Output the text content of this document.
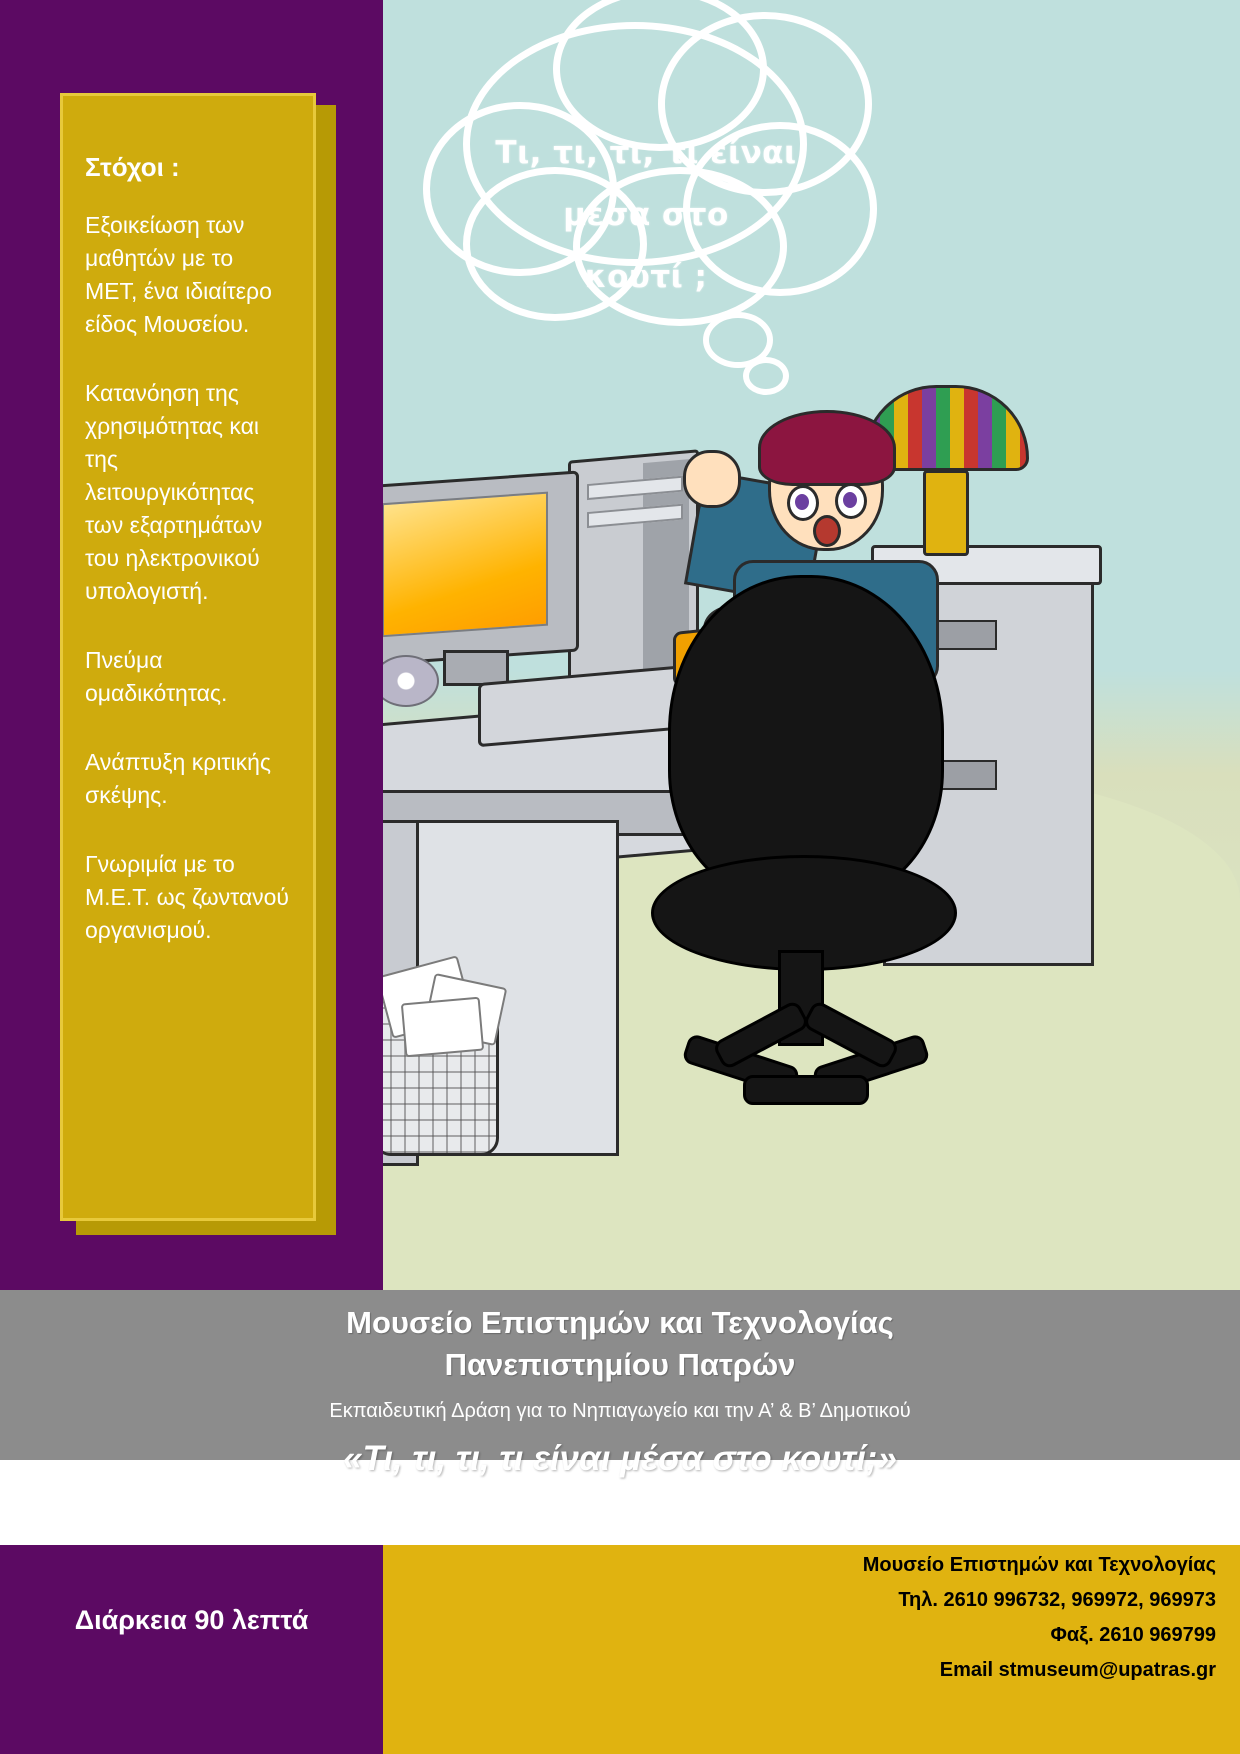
Τι, τι, τι, τι είναι
μέσα στο
κουτί ;

Στόχοι :

Εξοικείωση των μαθητών με το ΜΕΤ, ένα ιδιαίτερο είδος Μουσείου.

Κατανόηση της χρησιμότητας και της λειτουργικότητας των εξαρτημάτων του ηλεκτρονικού υπολογιστή.

Πνεύμα ομαδικότητας.

Ανάπτυξη κριτικής σκέψης.

Γνωριμία με το Μ.Ε.Τ. ως ζωντανού οργανισμού.

Μουσείο Επιστημών και Τεχνολογίας

Πανεπιστημίου Πατρών

Εκπαιδευτική Δράση για το Νηπιαγωγείο και την Α’ & Β’ Δημοτικού

«Τι, τι, τι, τι είναι μέσα στο κουτί;»

Διάρκεια 90 λεπτά
Μουσείο Επιστημών και Τεχνολογίας
Τηλ. 2610 996732, 969972, 969973
Φαξ. 2610 969799
Email stmuseum@upatras.gr
